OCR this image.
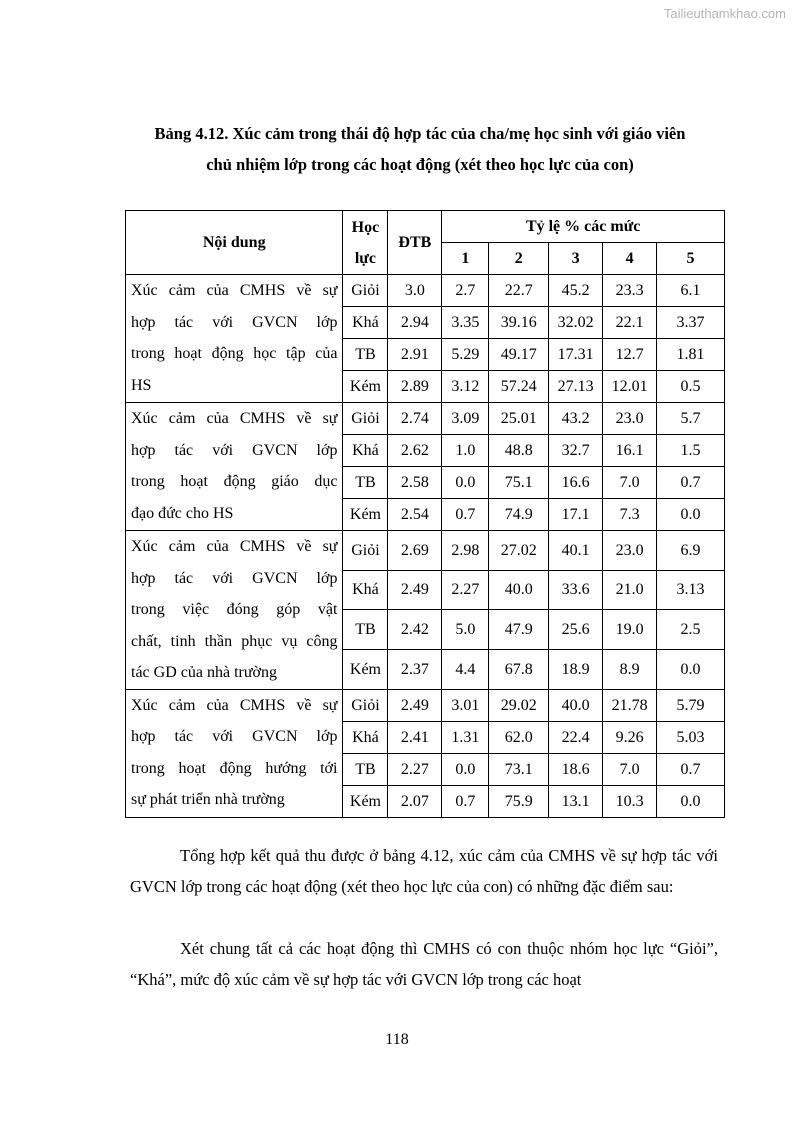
Tailieuthamkhao.com
Bảng 4.12. Xúc cảm trong thái độ hợp tác của cha/mẹ học sinh với giáo viên
chủ nhiệm lớp trong các hoạt động (xét theo học lực của con)
Nội dung	Học
lực	ĐTB	Tỷ lệ % các mức				
			1	2	3	4	5

Xúc cảm của CMHS về sự
hợp tác với GVCN lớp
trong hoạt động học tập của
HS	Giỏi	3.0	2.7	22.7	45.2	23.3	6.1
	Khá	2.94	3.35	39.16	32.02	22.1	3.37
	TB	2.91	5.29	49.17	17.31	12.7	1.81
	Kém	2.89	3.12	57.24	27.13	12.01	0.5

Xúc cảm của CMHS về sự
hợp tác với GVCN lớp
trong hoạt động giáo dục
đạo đức cho HS	Giỏi	2.74	3.09	25.01	43.2	23.0	5.7
	Khá	2.62	1.0	48.8	32.7	16.1	1.5
	TB	2.58	0.0	75.1	16.6	7.0	0.7
	Kém	2.54	0.7	74.9	17.1	7.3	0.0

Xúc cảm của CMHS về sự
hợp tác với GVCN lớp
trong việc đóng góp vật
chất, tinh thần phục vụ công
tác GD của nhà trường	Giỏi	2.69	2.98	27.02	40.1	23.0	6.9
	Khá	2.49	2.27	40.0	33.6	21.0	3.13
	TB	2.42	5.0	47.9	25.6	19.0	2.5
	Kém	2.37	4.4	67.8	18.9	8.9	0.0

Xúc cảm của CMHS về sự
hợp tác với GVCN lớp
trong hoạt động hướng tới
sự phát triển nhà trường	Giỏi	2.49	3.01	29.02	40.0	21.78	5.79
	Khá	2.41	1.31	62.0	22.4	9.26	5.03
	TB	2.27	0.0	73.1	18.6	7.0	0.7
	Kém	2.07	0.7	75.9	13.1	10.3	0.0
Tổng hợp kết quả thu được ở bảng 4.12, xúc cảm của CMHS về sự hợp tác với GVCN lớp trong các hoạt động (xét theo học lực của con) có những đặc điểm sau:
Xét chung tất cả các hoạt động thì CMHS có con thuộc nhóm học lực “Giỏi”, “Khá”, mức độ xúc cảm về sự hợp tác với GVCN lớp trong các hoạt
118
